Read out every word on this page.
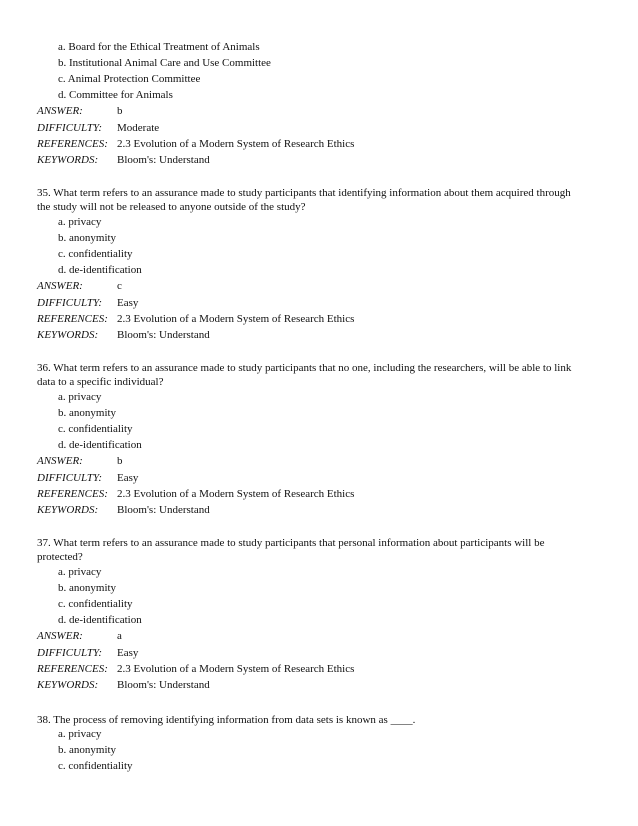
a. Board for the Ethical Treatment of Animals
b. Institutional Animal Care and Use Committee
c. Animal Protection Committee
d. Committee for Animals
ANSWER:	b
DIFFICULTY: Moderate
REFERENCES: 2.3 Evolution of a Modern System of Research Ethics
KEYWORDS: Bloom's: Understand
35. What term refers to an assurance made to study participants that identifying information about them acquired through
the study will not be released to anyone outside of the study?
a. privacy
b. anonymity
c. confidentiality
d. de-identification
ANSWER:	c
DIFFICULTY: Easy
REFERENCES: 2.3 Evolution of a Modern System of Research Ethics
KEYWORDS: Bloom's: Understand
36. What term refers to an assurance made to study participants that no one, including the researchers, will be able to link
data to a specific individual?
a. privacy
b. anonymity
c. confidentiality
d. de-identification
ANSWER:	b
DIFFICULTY: Easy
REFERENCES: 2.3 Evolution of a Modern System of Research Ethics
KEYWORDS: Bloom's: Understand
37. What term refers to an assurance made to study participants that personal information about participants will be
protected?
a. privacy
b. anonymity
c. confidentiality
d. de-identification
ANSWER:	a
DIFFICULTY: Easy
REFERENCES: 2.3 Evolution of a Modern System of Research Ethics
KEYWORDS: Bloom's: Understand
38. The process of removing identifying information from data sets is known as ____.
a. privacy
b. anonymity
c. confidentiality
